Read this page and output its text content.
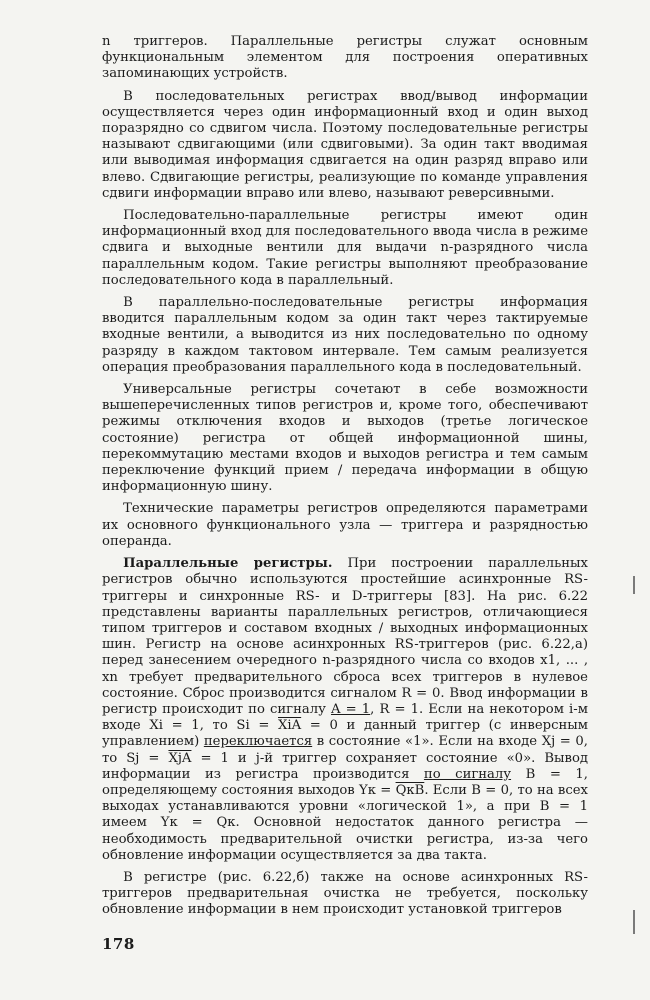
n триггеров. Параллельные регистры служат основным функциональным элементом для построения оперативных запоминающих устройств.

В последовательных регистрах ввод/вывод информации осуществляется через один информационный вход и один выход поразрядно со сдвигом числа. Поэтому последовательные регистры называют сдвигающими (или сдвиговыми). За один такт вводимая или выводимая информация сдвигается на один разряд вправо или влево. Сдвигающие регистры, реализующие по команде управления сдвиги информации вправо или влево, называют реверсивными.

Последовательно-параллельные регистры имеют один информационный вход для последовательного ввода числа в режиме сдвига и выходные вентили для выдачи n-разрядного числа параллельным кодом. Такие регистры выполняют преобразование последовательного кода в параллельный.

В параллельно-последовательные регистры информация вводится параллельным кодом за один такт через тактируемые входные вентили, а выводится из них последовательно по одному разряду в каждом тактовом интервале. Тем самым реализуется операция преобразования параллельного кода в последовательный.

Универсальные регистры сочетают в себе возможности вышеперечисленных типов регистров и, кроме того, обеспечивают режимы отключения входов и выходов (третье логическое состояние) регистра от общей информационной шины, перекоммутацию местами входов и выходов регистра и тем самым переключение функций прием / передача информации в общую информационную шину.

Технические параметры регистров определяются параметрами их основного функционального узла — триггера и разрядностью операнда.

Параллельные регистры. При построении параллельных регистров обычно используются простейшие асинхронные RS-триггеры и синхронные RS- и D-триггеры [83]. На рис. 6.22 представлены варианты параллельных регистров, отличающиеся типом триггеров и составом входных / выходных информационных шин. Регистр на основе асинхронных RS-триггеров (рис. 6.22,a) перед занесением очередного n-разрядного числа со входов x1, ... , xn требует предварительного сброса всех триггеров в нулевое состояние. Сброс производится сигналом R = 0. Ввод информации в регистр происходит по сигналу A = 1, R = 1. Если на некотором i-м входе Xi = 1, то $Si = \overline{XiA} = 0$ и данный триггер (с инверсным управлением) переключается в состояние «1». Если на входе Xj = 0, то $Sj = \overline{XjA} = 1$ и j-й триггер сохраняет состояние «0». Вывод информации из регистра производится по сигналу B = 1, определяющему состояния выходов Yк = QкB. Если B = 0, то на всех выходах устанавливаются уровни «логической 1», а при B = 1 имеем Yк = Qк. Основной недостаток данного регистра — необходимость предварительной очистки регистра, из-за чего обновление информации осуществляется за два такта.

В регистре (рис. 6.22,б) также на основе асинхронных RS-триггеров предварительная очистка не требуется, поскольку обновление информации в нем происходит установкой триггеров

178
